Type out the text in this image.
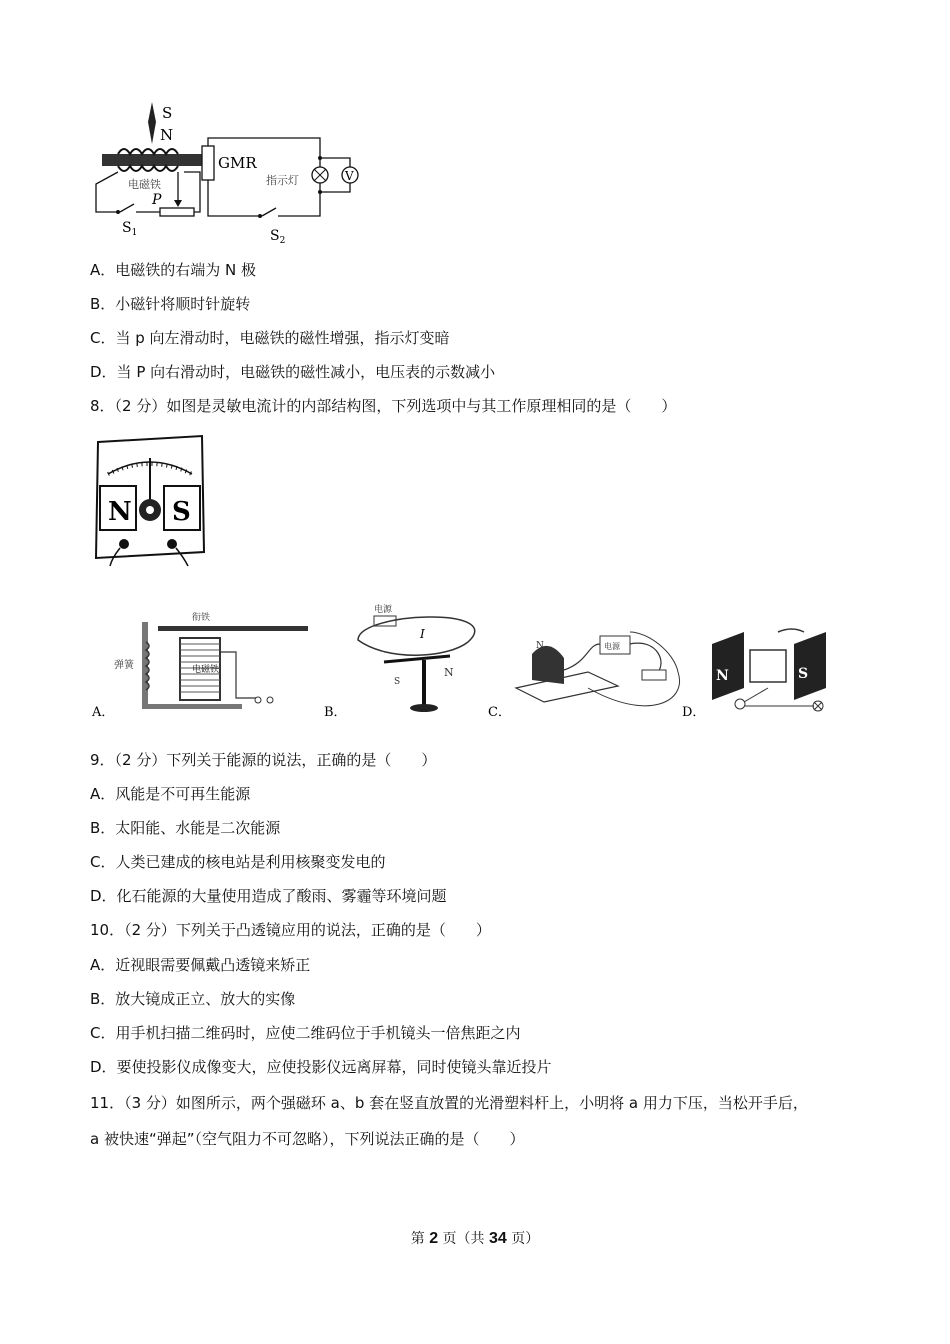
S
N
电磁铁
P
$S_1$
GMR
$S_2$
指示灯	V
A．电磁铁的右端为 N 极
B．小磁针将顺时针旋转
C．当 p 向左滑动时，电磁铁的磁性增强，指示灯变暗
D．当 P 向右滑动时，电磁铁的磁性减小，电压表的示数减小
8．（2 分）如图是灵敏电流计的内部结构图，下列选项中与其工作原理相同的是（　　）
N S
A．
衔铁
弹簧	电磁铁
B．
电源
I
S
N
C．
N	电源
D．
N	S
9．（2 分）下列关于能源的说法，正确的是（　　）
A．风能是不可再生能源
B．太阳能、水能是二次能源
C．人类已建成的核电站是利用核聚变发电的
D．化石能源的大量使用造成了酸雨、雾霾等环境问题
10．（2 分）下列关于凸透镜应用的说法，正确的是（　　）
A．近视眼需要佩戴凸透镜来矫正
B．放大镜成正立、放大的实像
C．用手机扫描二维码时，应使二维码位于手机镜头一倍焦距之内
D．要使投影仪成像变大，应使投影仪远离屏幕，同时使镜头靠近投片
11．（3 分）如图所示，两个强磁环 a、b 套在竖直放置的光滑塑料杆上，小明将 a 用力下压，当松开手后，
a 被快速“弹起”（空气阻力不可忽略），下列说法正确的是（　　）
第 2 页（共 34 页）
